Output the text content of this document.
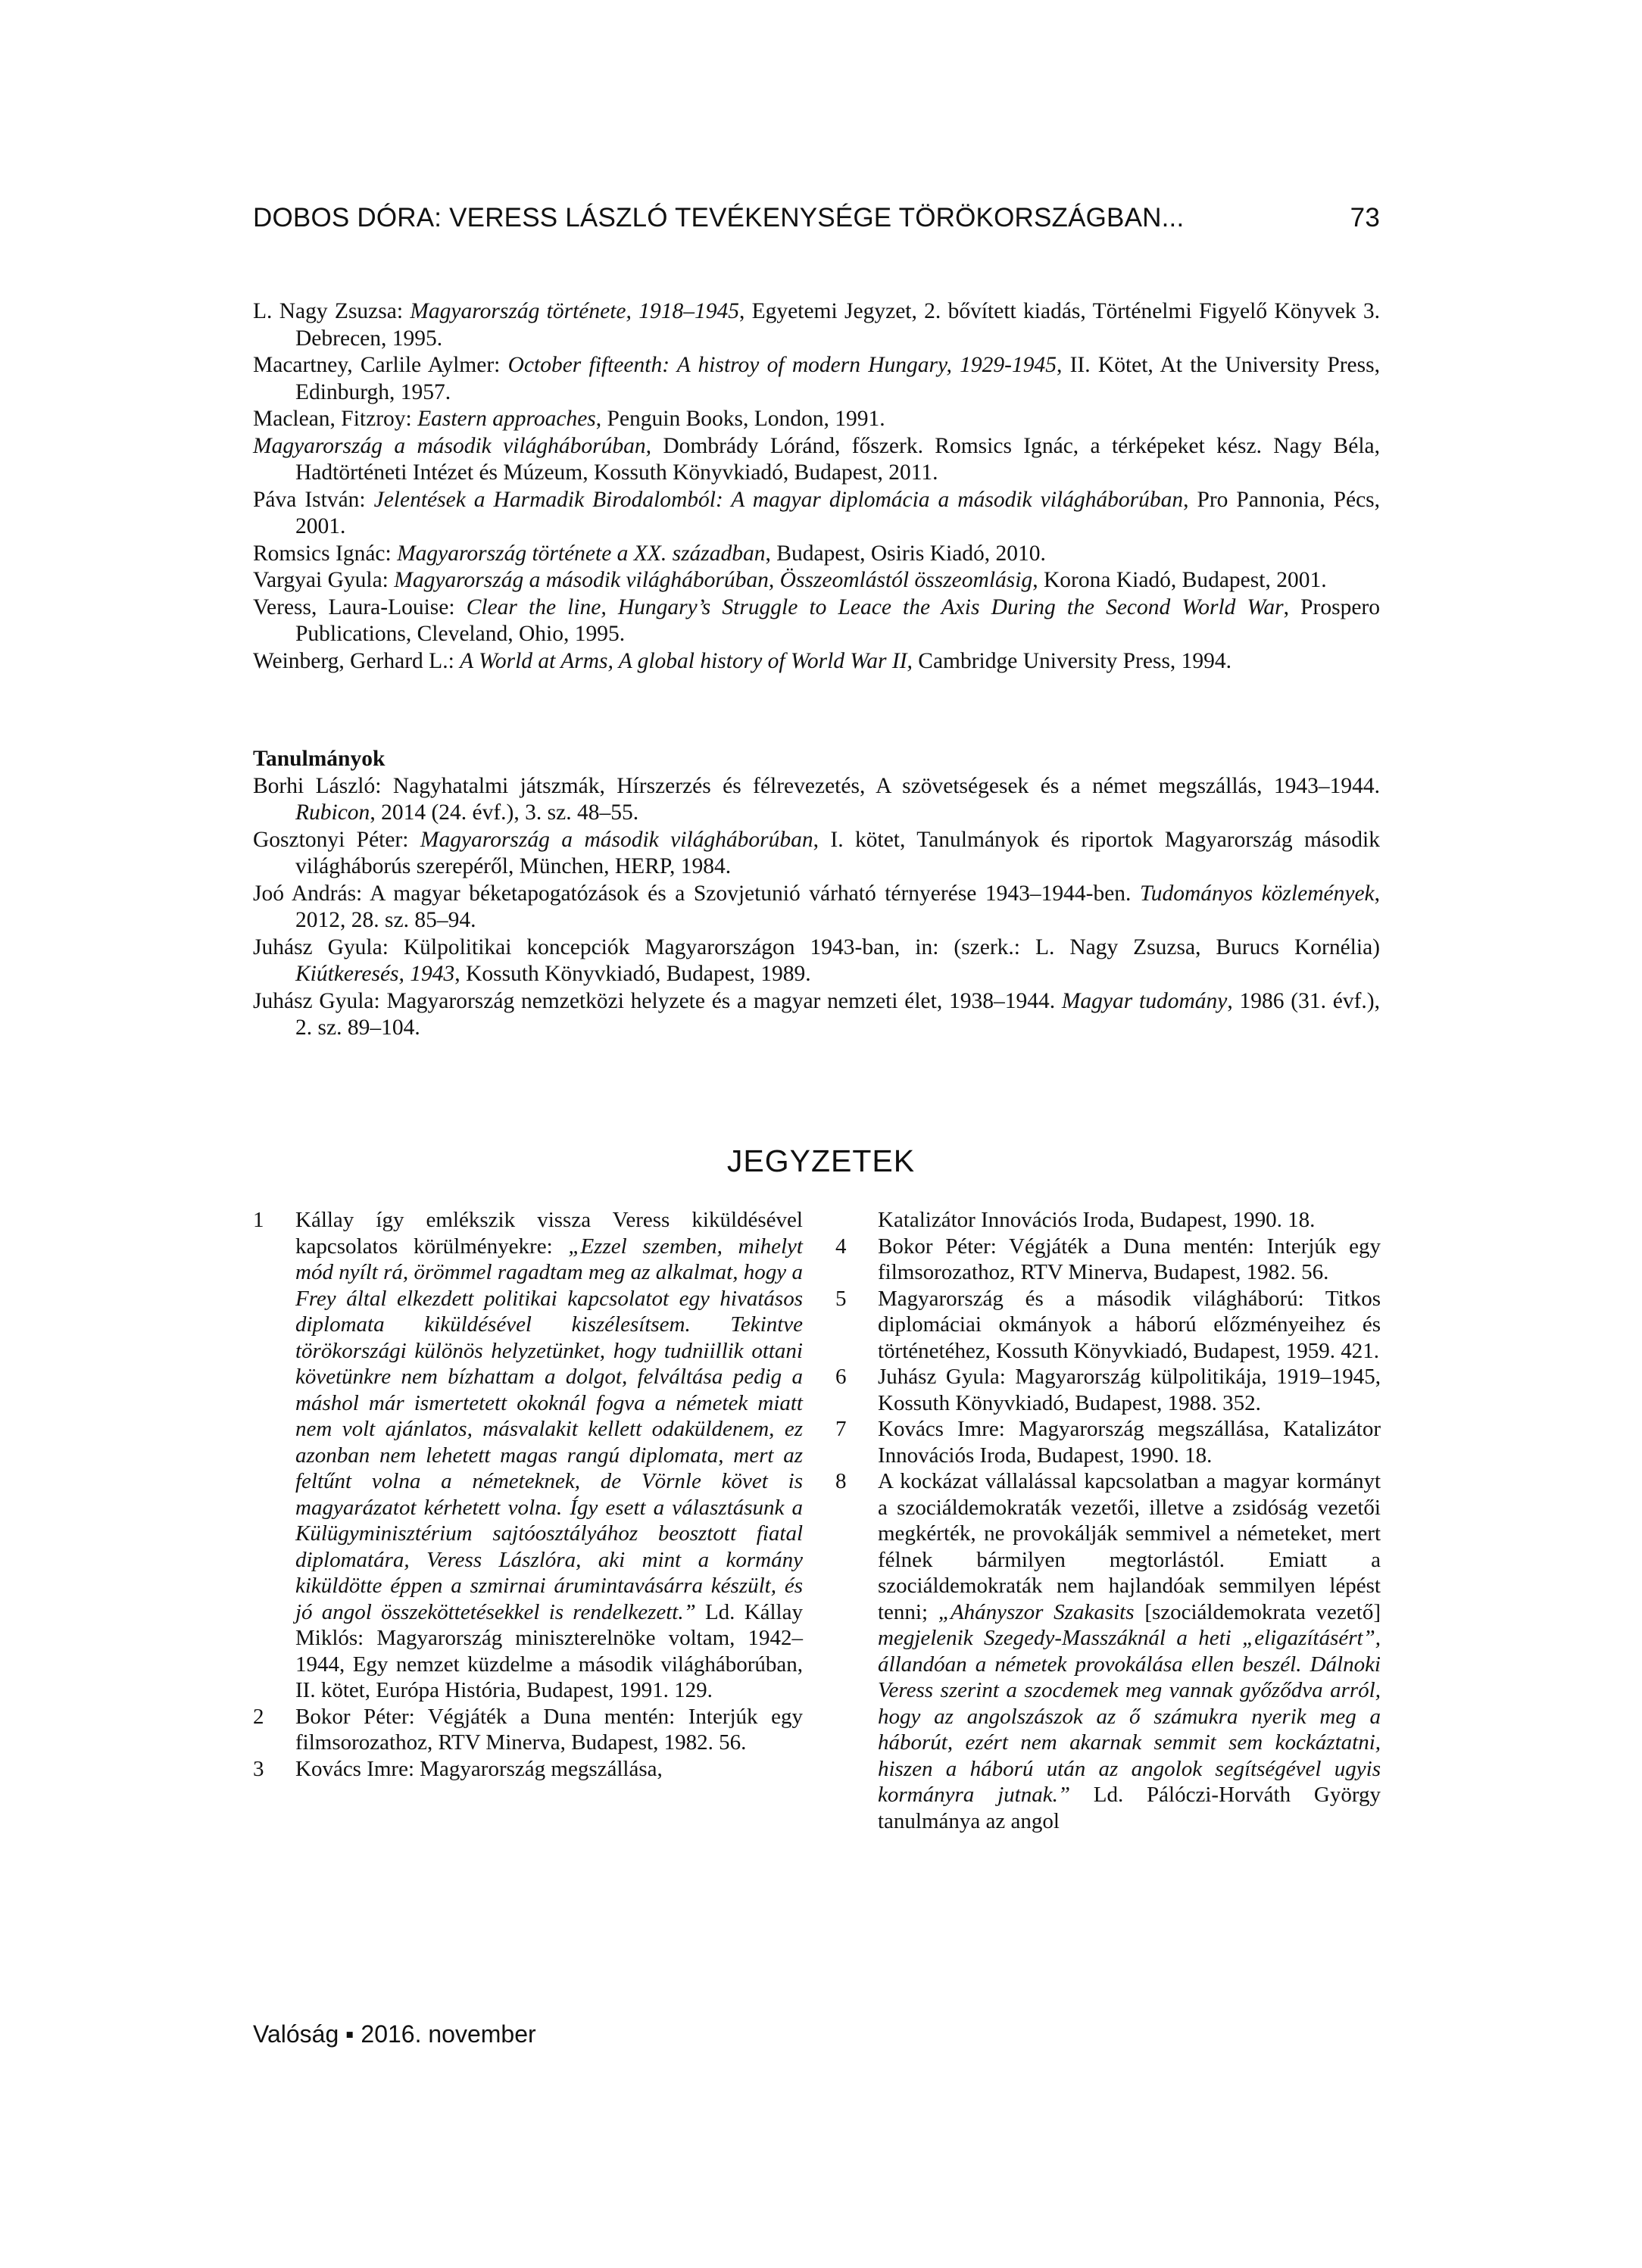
DOBOS DÓRA: VERESS LÁSZLÓ TEVÉKENYSÉGE TÖRÖKORSZÁGBAN...	73
L. Nagy Zsuzsa: Magyarország története, 1918–1945, Egyetemi Jegyzet, 2. bővített kiadás, Történelmi Figyelő Könyvek 3. Debrecen, 1995.
Macartney, Carlile Aylmer: October fifteenth: A histroy of modern Hungary, 1929-1945, II. Kötet, At the University Press, Edinburgh, 1957.
Maclean, Fitzroy: Eastern approaches, Penguin Books, London, 1991.
Magyarország a második világháborúban, Dombrády Lóránd, főszerk. Romsics Ignác, a térképeket kész. Nagy Béla, Hadtörténeti Intézet és Múzeum, Kossuth Könyvkiadó, Budapest, 2011.
Páva István: Jelentések a Harmadik Birodalomból: A magyar diplomácia a második világháborúban, Pro Pannonia, Pécs, 2001.
Romsics Ignác: Magyarország története a XX. században, Budapest, Osiris Kiadó, 2010.
Vargyai Gyula: Magyarország a második világháborúban, Összeomlástól összeomlásig, Korona Kiadó, Budapest, 2001.
Veress, Laura-Louise: Clear the line, Hungary’s Struggle to Leace the Axis During the Second World War, Prospero Publications, Cleveland, Ohio, 1995.
Weinberg, Gerhard L.: A World at Arms, A global history of World War II, Cambridge University Press, 1994.
Tanulmányok
Borhi László: Nagyhatalmi játszmák, Hírszerzés és félrevezetés, A szövetségesek és a német megszállás, 1943–1944. Rubicon, 2014 (24. évf.), 3. sz. 48–55.
Gosztonyi Péter: Magyarország a második világháborúban, I. kötet, Tanulmányok és riportok Magyarország második világháborús szerepéről, München, HERP, 1984.
Joó András: A magyar béketapogatózások és a Szovjetunió várható térnyerése 1943–1944-ben. Tudományos közlemények, 2012, 28. sz. 85–94.
Juhász Gyula: Külpolitikai koncepciók Magyarországon 1943-ban, in: (szerk.: L. Nagy Zsuzsa, Burucs Kornélia) Kiútkeresés, 1943, Kossuth Könyvkiadó, Budapest, 1989.
Juhász Gyula: Magyarország nemzetközi helyzete és a magyar nemzeti élet, 1938–1944. Magyar tudomány, 1986 (31. évf.), 2. sz. 89–104.
JEGYZETEK
1 Kállay így emlékszik vissza Veress kiküldésével kapcsolatos körülményekre: „Ezzel szemben, mihelyt mód nyílt rá, örömmel ragadtam meg az alkalmat, hogy a Frey által elkezdett politikai kapcsolatot egy hivatásos diplomata kiküldésével kiszélesítsem. Tekintve törökországi különös helyzetünket, hogy tudniillik ottani követünkre nem bízhattam a dolgot, felváltása pedig a máshol már ismertetett okoknál fogva a németek miatt nem volt ajánlatos, másvalakit kellett odaküldenem, ez azonban nem lehetett magas rangú diplomata, mert az feltűnt volna a németeknek, de Vörnle követ is magyarázatot kérhetett volna. Így esett a választásunk a Külügyminisztérium sajtóosztályához beosztott fiatal diplomatára, Veress Lászlóra, aki mint a kormány kiküldötte éppen a szmirnai árumintavásárra készült, és jó angol összeköttetésekkel is rendelkezett.” Ld. Kállay Miklós: Magyarország miniszterelnöke voltam, 1942–1944, Egy nemzet küzdelme a második világháborúban, II. kötet, Európa História, Budapest, 1991. 129.
2 Bokor Péter: Végjáték a Duna mentén: Interjúk egy filmsorozathoz, RTV Minerva, Budapest, 1982. 56.
3 Kovács Imre: Magyarország megszállása,
Katalizátor Innovációs Iroda, Budapest, 1990. 18.
4 Bokor Péter: Végjáték a Duna mentén: Interjúk egy filmsorozathoz, RTV Minerva, Budapest, 1982. 56.
5 Magyarország és a második világháború: Titkos diplomáciai okmányok a háború előzményeihez és történetéhez, Kossuth Könyvkiadó, Budapest, 1959. 421.
6 Juhász Gyula: Magyarország külpolitikája, 1919–1945, Kossuth Könyvkiadó, Budapest, 1988. 352.
7 Kovács Imre: Magyarország megszállása, Katalizátor Innovációs Iroda, Budapest, 1990. 18.
8 A kockázat vállalással kapcsolatban a magyar kormányt a szociáldemokraták vezetői, illetve a zsidóság vezetői megkérték, ne provokálják semmivel a németeket, mert félnek bármilyen megtorlástól. Emiatt a szociáldemokraták nem hajlandóak semmilyen lépést tenni; „Ahányszor Szakasits [szociáldemokrata vezető] megjelenik Szegedy-Masszáknál a heti „eligazításért”, állandóan a németek provokálása ellen beszél. Dálnoki Veress szerint a szocdemek meg vannak győződva arról, hogy az angolszászok az ő számukra nyerik meg a háborút, ezért nem akarnak semmit sem kockáztatni, hiszen a háború után az angolok segítségével ugyis kormányra jutnak.” Ld. Pálóczi-Horváth György tanulmánya az angol
Valóság ▪ 2016. november
